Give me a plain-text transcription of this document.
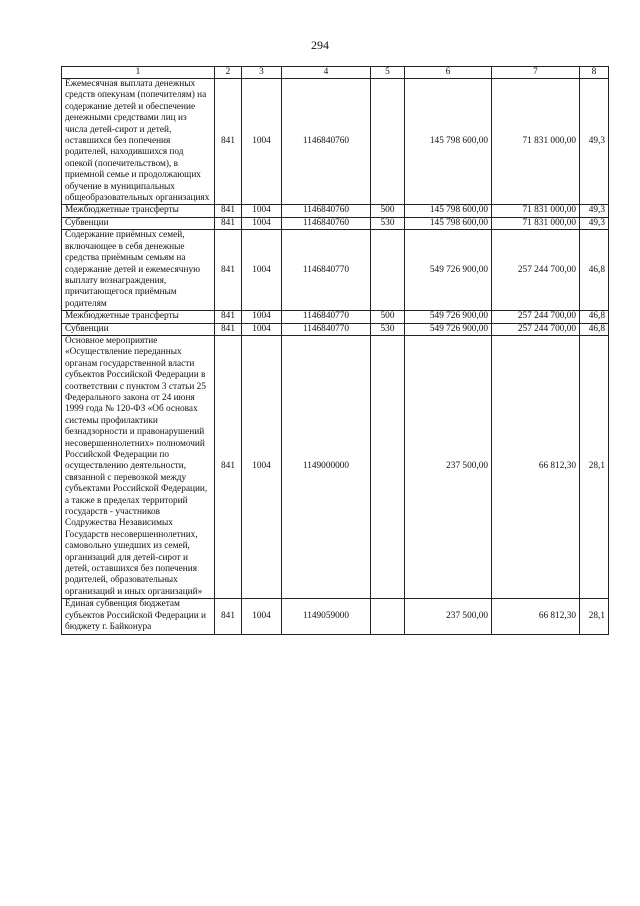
294
1	2	3	4	5	6	7	8
Ежемесячная выплата денежных средств опекунам (попечителям) на содержание детей и обеспечение денежными средствами лиц из числа детей-сирот и детей, оставшихся без попечения родителей, находившихся под опекой (попечительством), в приемной семье и продолжающих обучение в муниципальных общеобразовательных организациях	841	1004	1146840760		145 798 600,00	71 831 000,00	49,3
Межбюджетные трансферты	841	1004	1146840760	500	145 798 600,00	71 831 000,00	49,3
Субвенции	841	1004	1146840760	530	145 798 600,00	71 831 000,00	49,3
Содержание приёмных семей, включающее в себя денежные средства приёмным семьям на содержание детей и ежемесячную выплату вознаграждения, причитающегося приёмным родителям	841	1004	1146840770		549 726 900,00	257 244 700,00	46,8
Межбюджетные трансферты	841	1004	1146840770	500	549 726 900,00	257 244 700,00	46,8
Субвенции	841	1004	1146840770	530	549 726 900,00	257 244 700,00	46,8
Основное мероприятие «Осуществление переданных органам государственной власти субъектов Российской Федерации в соответствии с пунктом 3 статьи 25 Федерального закона от 24 июня 1999 года № 120-ФЗ «Об основах системы профилактики безнадзорности и правонарушений несовершеннолетних» полномочий Российской Федерации по осуществлению деятельности, связанной с перевозкой между субъектами Российской Федерации, а также в пределах территорий государств - участников Содружества Независимых Государств несовершеннолетних, самовольно ушедших из семей, организаций для детей-сирот и детей, оставшихся без попечения родителей, образовательных организаций и иных организаций»	841	1004	1149000000		237 500,00	66 812,30	28,1
Единая субвенция бюджетам субъектов Российской Федерации и бюджету г. Байконура	841	1004	1149059000		237 500,00	66 812,30	28,1
